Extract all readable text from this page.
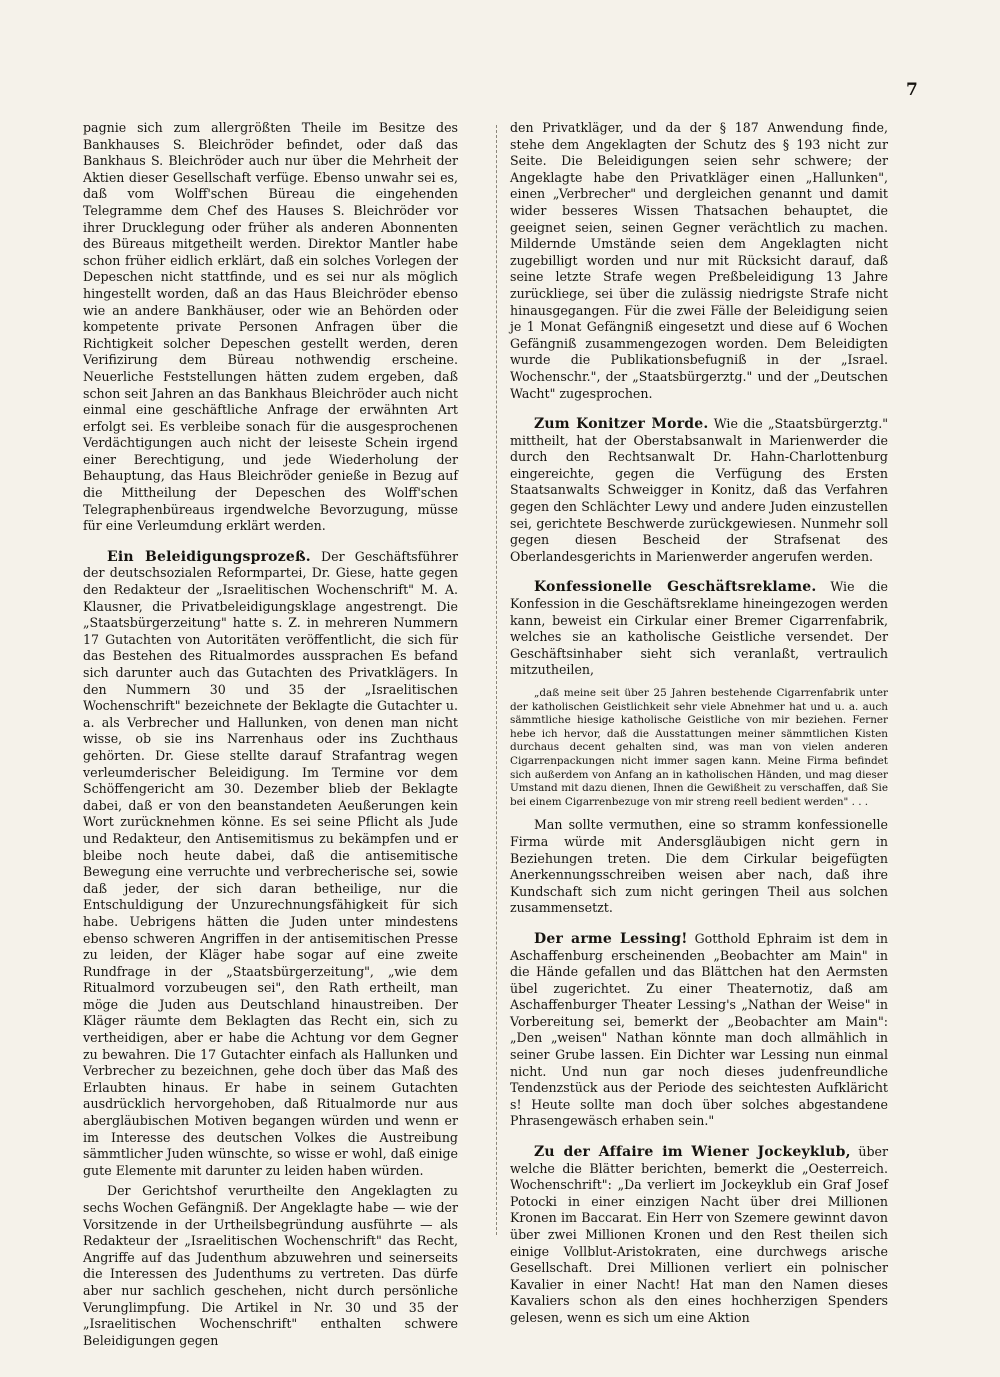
7

pagnie sich zum allergrößten Theile im Besitze des Bankhauses S. Bleichröder befindet, oder daß das Bankhaus S. Bleichröder auch nur über die Mehrheit der Aktien dieser Gesellschaft verfüge. Ebenso unwahr sei es, daß vom Wolff'schen Büreau die eingehenden Telegramme dem Chef des Hauses S. Bleichröder vor ihrer Drucklegung oder früher als anderen Abonnenten des Büreaus mitgetheilt werden. Direktor Mantler habe schon früher eidlich erklärt, daß ein solches Vorlegen der Depeschen nicht stattfinde, und es sei nur als möglich hingestellt worden, daß an das Haus Bleichröder ebenso wie an andere Bankhäuser, oder wie an Behörden oder kompetente private Personen Anfragen über die Richtigkeit solcher Depeschen gestellt werden, deren Verifizirung dem Büreau nothwendig erscheine. Neuerliche Feststellungen hätten zudem ergeben, daß schon seit Jahren an das Bankhaus Bleichröder auch nicht einmal eine geschäftliche Anfrage der erwähnten Art erfolgt sei. Es verbleibe sonach für die ausgesprochenen Verdächtigungen auch nicht der leiseste Schein irgend einer Berechtigung, und jede Wiederholung der Behauptung, das Haus Bleichröder genieße in Bezug auf die Mittheilung der Depeschen des Wolff'schen Telegraphenbüreaus irgendwelche Bevorzugung, müsse für eine Verleumdung erklärt werden.

Ein Beleidigungsprozeß. Der Geschäftsführer der deutschsozialen Reformpartei, Dr. Giese, hatte gegen den Redakteur der „Israelitischen Wochenschrift" M. A. Klausner, die Privatbeleidigungsklage angestrengt. Die „Staatsbürgerzeitung" hatte s. Z. in mehreren Nummern 17 Gutachten von Autoritäten veröffentlicht, die sich für das Bestehen des Ritualmordes aussprachen Es befand sich darunter auch das Gutachten des Privatklägers. In den Nummern 30 und 35 der „Israelitischen Wochenschrift" bezeichnete der Beklagte die Gutachter u. a. als Verbrecher und Hallunken, von denen man nicht wisse, ob sie ins Narrenhaus oder ins Zuchthaus gehörten. Dr. Giese stellte darauf Strafantrag wegen verleumderischer Beleidigung. Im Termine vor dem Schöffengericht am 30. Dezember blieb der Beklagte dabei, daß er von den beanstandeten Aeußerungen kein Wort zurücknehmen könne. Es sei seine Pflicht als Jude und Redakteur, den Antisemitismus zu bekämpfen und er bleibe noch heute dabei, daß die antisemitische Bewegung eine verruchte und verbrecherische sei, sowie daß jeder, der sich daran betheilige, nur die Entschuldigung der Unzurechnungsfähigkeit für sich habe. Uebrigens hätten die Juden unter mindestens ebenso schweren Angriffen in der antisemitischen Presse zu leiden, der Kläger habe sogar auf eine zweite Rundfrage in der „Staatsbürgerzeitung", „wie dem Ritualmord vorzubeugen sei", den Rath ertheilt, man möge die Juden aus Deutschland hinaustreiben. Der Kläger räumte dem Beklagten das Recht ein, sich zu vertheidigen, aber er habe die Achtung vor dem Gegner zu bewahren. Die 17 Gutachter einfach als Hallunken und Verbrecher zu bezeichnen, gehe doch über das Maß des Erlaubten hinaus. Er habe in seinem Gutachten ausdrücklich hervorgehoben, daß Ritualmorde nur aus abergläubischen Motiven begangen würden und wenn er im Interesse des deutschen Volkes die Austreibung sämmtlicher Juden wünschte, so wisse er wohl, daß einige gute Elemente mit darunter zu leiden haben würden.

Der Gerichtshof verurtheilte den Angeklagten zu sechs Wochen Gefängniß. Der Angeklagte habe — wie der Vorsitzende in der Urtheilsbegründung ausführte — als Redakteur der „Israelitischen Wochenschrift" das Recht, Angriffe auf das Judenthum abzuwehren und seinerseits die Interessen des Judenthums zu vertreten. Das dürfe aber nur sachlich geschehen, nicht durch persönliche Verunglimpfung. Die Artikel in Nr. 30 und 35 der „Israelitischen Wochenschrift" enthalten schwere Beleidigungen gegen

den Privatkläger, und da der § 187 Anwendung finde, stehe dem Angeklagten der Schutz des § 193 nicht zur Seite. Die Beleidigungen seien sehr schwere; der Angeklagte habe den Privatkläger einen „Hallunken", einen „Verbrecher" und dergleichen genannt und damit wider besseres Wissen Thatsachen behauptet, die geeignet seien, seinen Gegner verächtlich zu machen. Mildernde Umstände seien dem Angeklagten nicht zugebilligt worden und nur mit Rücksicht darauf, daß seine letzte Strafe wegen Preßbeleidigung 13 Jahre zurückliege, sei über die zulässig niedrigste Strafe nicht hinausgegangen. Für die zwei Fälle der Beleidigung seien je 1 Monat Gefängniß eingesetzt und diese auf 6 Wochen Gefängniß zusammengezogen worden. Dem Beleidigten wurde die Publikationsbefugniß in der „Israel. Wochenschr.", der „Staatsbürgerztg." und der „Deutschen Wacht" zugesprochen.

Zum Konitzer Morde. Wie die „Staatsbürgerztg." mittheilt, hat der Oberstabsanwalt in Marienwerder die durch den Rechtsanwalt Dr. Hahn-Charlottenburg eingereichte, gegen die Verfügung des Ersten Staatsanwalts Schweigger in Konitz, daß das Verfahren gegen den Schlächter Lewy und andere Juden einzustellen sei, gerichtete Beschwerde zurückgewiesen. Nunmehr soll gegen diesen Bescheid der Strafsenat des Oberlandesgerichts in Marienwerder angerufen werden.

Konfessionelle Geschäftsreklame. Wie die Konfession in die Geschäftsreklame hineingezogen werden kann, beweist ein Cirkular einer Bremer Cigarrenfabrik, welches sie an katholische Geistliche versendet. Der Geschäftsinhaber sieht sich veranlaßt, vertraulich mitzutheilen,

„daß meine seit über 25 Jahren bestehende Cigarrenfabrik unter der katholischen Geistlichkeit sehr viele Abnehmer hat und u. a. auch sämmtliche hiesige katholische Geistliche von mir beziehen. Ferner hebe ich hervor, daß die Ausstattungen meiner sämmtlichen Kisten durchaus decent gehalten sind, was man von vielen anderen Cigarrenpackungen nicht immer sagen kann. Meine Firma befindet sich außerdem von Anfang an in katholischen Händen, und mag dieser Umstand mit dazu dienen, Ihnen die Gewißheit zu verschaffen, daß Sie bei einem Cigarrenbezuge von mir streng reell bedient werden" . . .

Man sollte vermuthen, eine so stramm konfessionelle Firma würde mit Andersgläubigen nicht gern in Beziehungen treten. Die dem Cirkular beigefügten Anerkennungsschreiben weisen aber nach, daß ihre Kundschaft sich zum nicht geringen Theil aus solchen zusammensetzt.

Der arme Lessing! Gotthold Ephraim ist dem in Aschaffenburg erscheinenden „Beobachter am Main" in die Hände gefallen und das Blättchen hat den Aermsten übel zugerichtet. Zu einer Theaternotiz, daß am Aschaffenburger Theater Lessing's „Nathan der Weise" in Vorbereitung sei, bemerkt der „Beobachter am Main": „Den „weisen" Nathan könnte man doch allmählich in seiner Grube lassen. Ein Dichter war Lessing nun einmal nicht. Und nun gar noch dieses judenfreundliche Tendenzstück aus der Periode des seichtesten Aufkläricht s! Heute sollte man doch über solches abgestandene Phrasengewäsch erhaben sein."

Zu der Affaire im Wiener Jockeyklub, über welche die Blätter berichten, bemerkt die „Oesterreich. Wochenschrift": „Da verliert im Jockeyklub ein Graf Josef Potocki in einer einzigen Nacht über drei Millionen Kronen im Baccarat. Ein Herr von Szemere gewinnt davon über zwei Millionen Kronen und den Rest theilen sich einige Vollblut-Aristokraten, eine durchwegs arische Gesellschaft. Drei Millionen verliert ein polnischer Kavalier in einer Nacht! Hat man den Namen dieses Kavaliers schon als den eines hochherzigen Spenders gelesen, wenn es sich um eine Aktion
